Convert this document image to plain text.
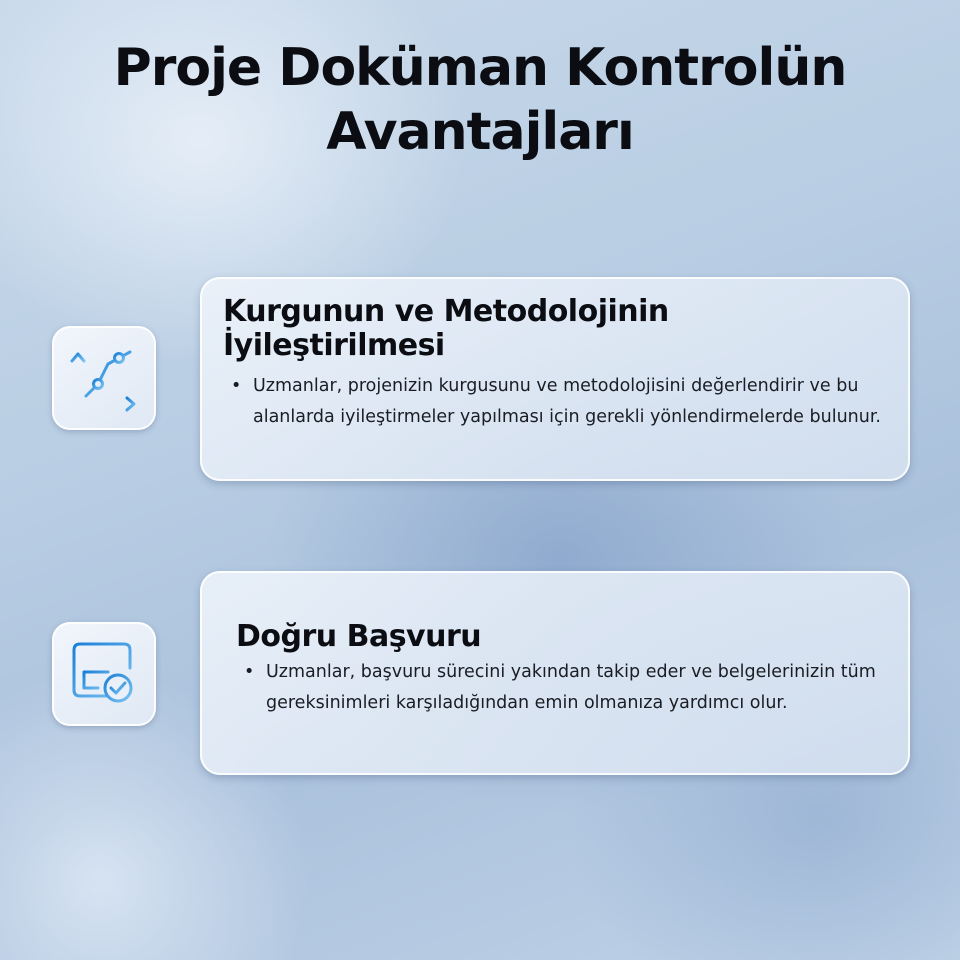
Proje Doküman Kontrolün Avantajları
Kurgunun ve Metodolojinin İyileştirilmesi
• Uzmanlar, projenizin kurgusunu ve metodolojisini değerlendirir ve bu alanlarda iyileştirmeler yapılması için gerekli yönlendirmelerde bulunur.
Doğru Başvuru
• Uzmanlar, başvuru sürecini yakından takip eder ve belgelerinizin tüm gereksinimleri karşıladığından emin olmanıza yardımcı olur.
